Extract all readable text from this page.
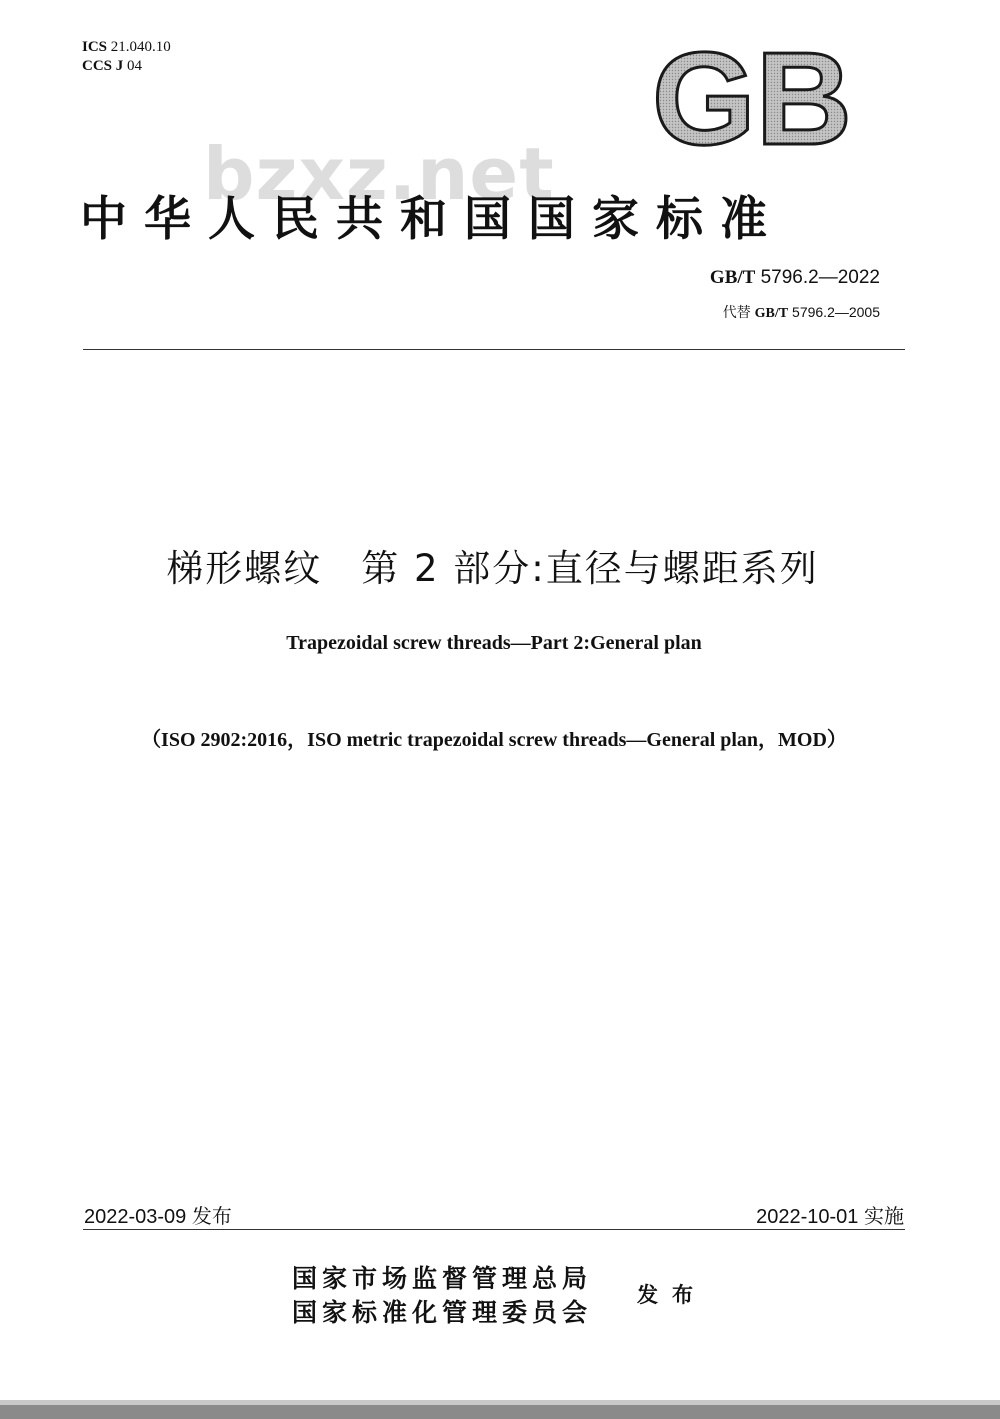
ICS 21.040.10
CCS J 04	GB
bzxz.net
中华人民共和国国家标准
GB/T 5796.2—2022
代替 GB/T 5796.2—2005
梯形螺纹　第 2 部分:直径与螺距系列
Trapezoidal screw threads—Part 2:General plan
（ISO 2902:2016，ISO metric trapezoidal screw threads—General plan，MOD）
2022-03-09 发布	2022-10-01 实施
国家市场监督管理总局
国家标准化管理委员会
发布
